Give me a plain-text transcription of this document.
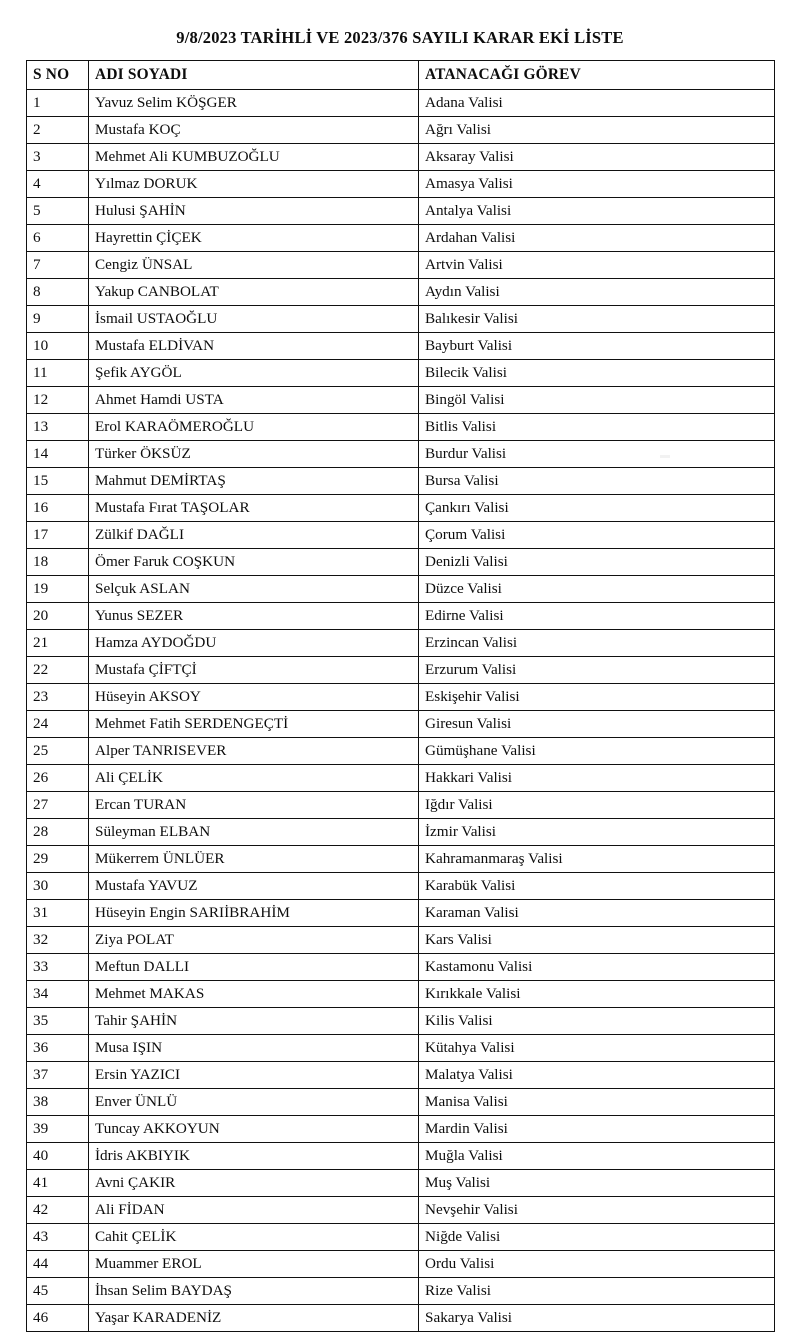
9/8/2023 TARİHLİ VE 2023/376 SAYILI KARAR EKİ LİSTE
S NO	ADI SOYADI	ATANACAĞI GÖREV
1	Yavuz Selim KÖŞGER	Adana Valisi
2	Mustafa KOÇ	Ağrı Valisi
3	Mehmet Ali KUMBUZOĞLU	Aksaray Valisi
4	Yılmaz DORUK	Amasya Valisi
5	Hulusi ŞAHİN	Antalya Valisi
6	Hayrettin ÇİÇEK	Ardahan Valisi
7	Cengiz ÜNSAL	Artvin Valisi
8	Yakup CANBOLAT	Aydın Valisi
9	İsmail USTAOĞLU	Balıkesir Valisi
10	Mustafa ELDİVAN	Bayburt Valisi
11	Şefik AYGÖL	Bilecik Valisi
12	Ahmet Hamdi USTA	Bingöl Valisi
13	Erol KARAÖMEROĞLU	Bitlis Valisi
14	Türker ÖKSÜZ	Burdur Valisi
15	Mahmut DEMİRTAŞ	Bursa Valisi
16	Mustafa Fırat TAŞOLAR	Çankırı Valisi
17	Zülkif DAĞLI	Çorum Valisi
18	Ömer Faruk COŞKUN	Denizli Valisi
19	Selçuk ASLAN	Düzce Valisi
20	Yunus SEZER	Edirne Valisi
21	Hamza AYDOĞDU	Erzincan Valisi
22	Mustafa ÇİFTÇİ	Erzurum Valisi
23	Hüseyin AKSOY	Eskişehir Valisi
24	Mehmet Fatih SERDENGEÇTİ	Giresun Valisi
25	Alper TANRISEVER	Gümüşhane Valisi
26	Ali ÇELİK	Hakkari Valisi
27	Ercan TURAN	Iğdır Valisi
28	Süleyman ELBAN	İzmir Valisi
29	Mükerrem ÜNLÜER	Kahramanmaraş Valisi
30	Mustafa YAVUZ	Karabük Valisi
31	Hüseyin Engin SARIİBRAHİM	Karaman Valisi
32	Ziya POLAT	Kars Valisi
33	Meftun DALLI	Kastamonu Valisi
34	Mehmet MAKAS	Kırıkkale Valisi
35	Tahir ŞAHİN	Kilis Valisi
36	Musa IŞIN	Kütahya Valisi
37	Ersin YAZICI	Malatya Valisi
38	Enver ÜNLÜ	Manisa Valisi
39	Tuncay AKKOYUN	Mardin Valisi
40	İdris AKBIYIK	Muğla Valisi
41	Avni ÇAKIR	Muş Valisi
42	Ali FİDAN	Nevşehir Valisi
43	Cahit ÇELİK	Niğde Valisi
44	Muammer EROL	Ordu Valisi
45	İhsan Selim BAYDAŞ	Rize Valisi
46	Yaşar KARADENİZ	Sakarya Valisi
